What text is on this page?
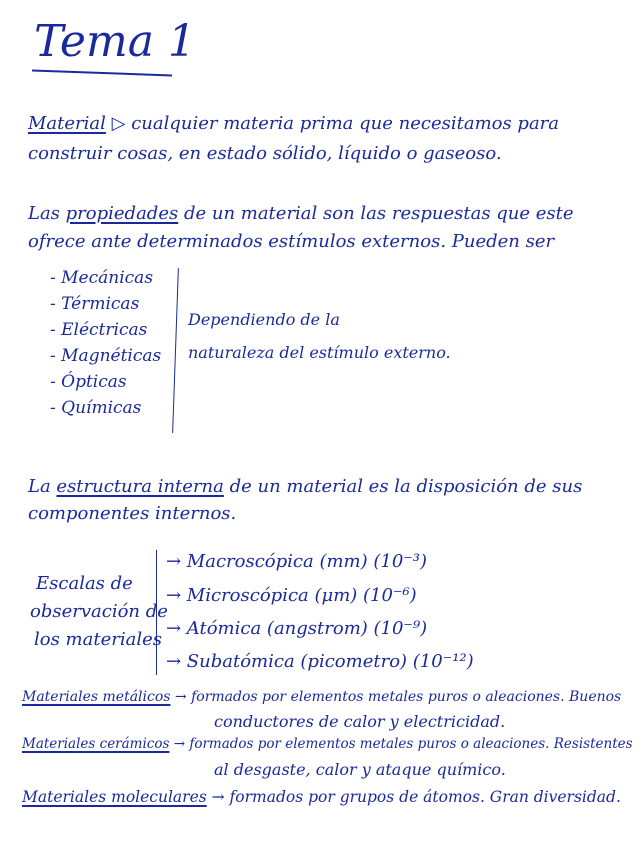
Tema 1
Material ▷ cualquier materia prima que necesitamos para
construir cosas, en estado sólido, líquido o gaseoso.
Las propiedades de un material son las respuestas que este
ofrece ante determinados estímulos externos. Pueden ser
- Mecánicas
- Térmicas
- Eléctricas
- Magnéticas
- Ópticas
- Químicas
Dependiendo de la
naturaleza del estímulo externo.
La estructura interna de un material es la disposición de sus
componentes internos.
Escalas de
observación de
los materiales
→ Macroscópica (mm) (10⁻³)
→ Microscópica (μm) (10⁻⁶)
→ Atómica (angstrom) (10⁻⁹)
→ Subatómica (picometro) (10⁻¹²)
Materiales metálicos → formados por elementos metales puros o aleaciones. Buenos
conductores de calor y electricidad.
Materiales cerámicos → formados por elementos metales puros o aleaciones. Resistentes
al desgaste, calor y ataque químico.
Materiales moleculares → formados por grupos de átomos. Gran diversidad.
